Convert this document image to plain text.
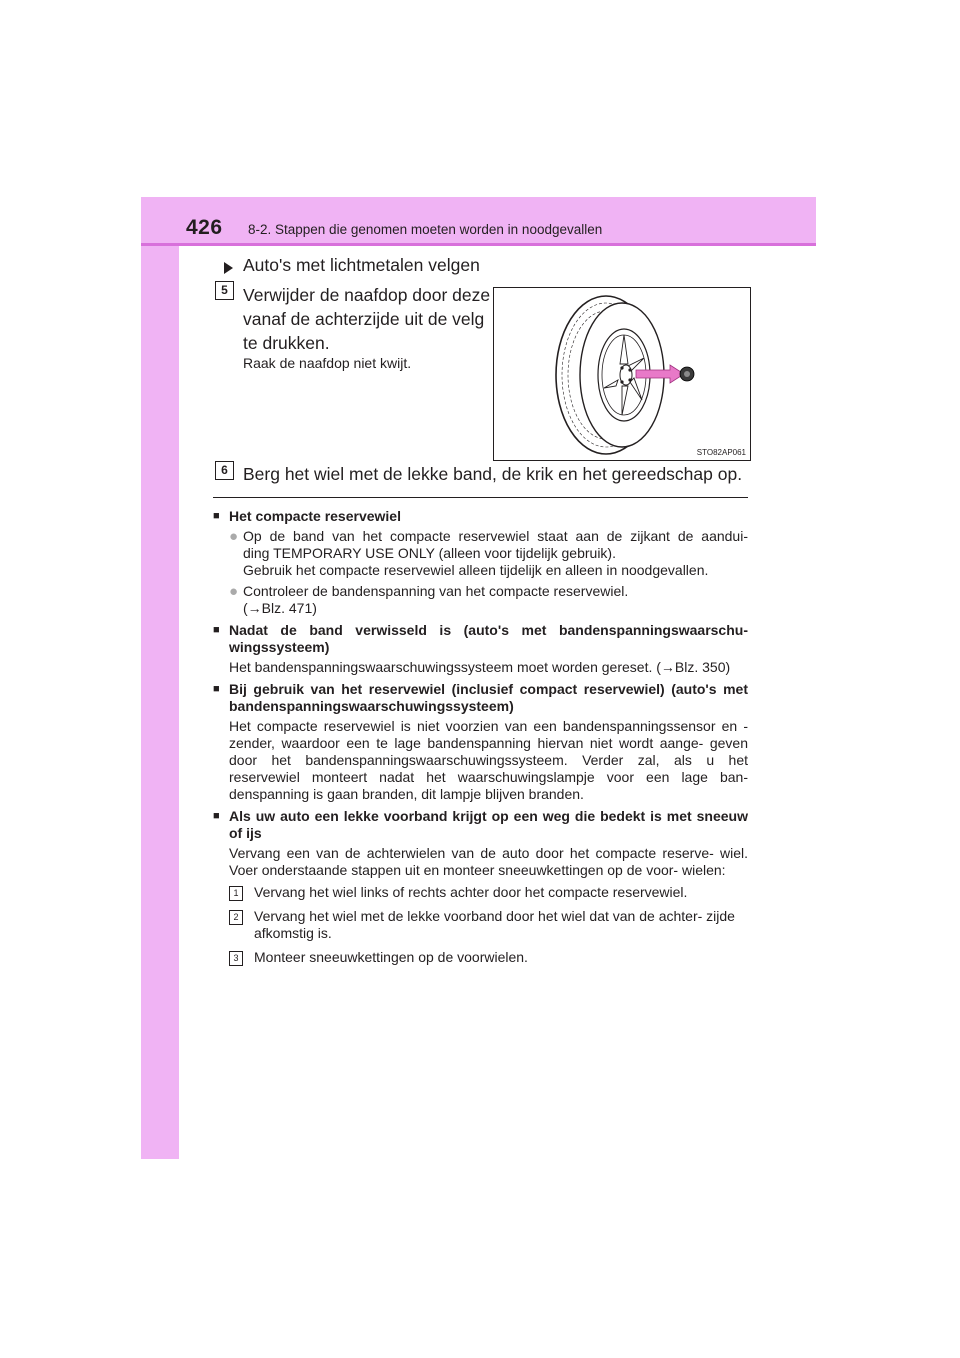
426 8-2. Stappen die genomen moeten worden in noodgevallen
Auto's met lichtmetalen velgen
5 Verwijder de naafdop door deze
vanaf de achterzijde uit de velg
te drukken.
Raak de naafdop niet kwijt.
STO82AP061
6 Berg het wiel met de lekke band, de krik en het gereedschap op.
■ Het compacte reservewiel
● Op de band van het compacte reservewiel staat aan de zijkant de aandui-
ding TEMPORARY USE ONLY (alleen voor tijdelijk gebruik).
Gebruik het compacte reservewiel alleen tijdelijk en alleen in noodgevallen.
● Controleer de bandenspanning van het compacte reservewiel.
(→Blz. 471)
■ Nadat de band verwisseld is (auto's met bandenspanningswaarschu- wingssysteem)
Het bandenspanningswaarschuwingssysteem moet worden gereset. (→Blz. 350)
■ Bij gebruik van het reservewiel (inclusief compact reservewiel) (auto's met bandenspanningswaarschuwingssysteem)
Het compacte reservewiel is niet voorzien van een bandenspanningssensor en -zender, waardoor een te lage bandenspanning hiervan niet wordt aange- geven door het bandenspanningswaarschuwingssysteem. Verder zal, als u het reservewiel monteert nadat het waarschuwingslampje voor een lage ban- denspanning is gaan branden, dit lampje blijven branden.
■ Als uw auto een lekke voorband krijgt op een weg die bedekt is met sneeuw of ijs
Vervang een van de achterwielen van de auto door het compacte reserve- wiel. Voer onderstaande stappen uit en monteer sneeuwkettingen op de voor- wielen:
1	Vervang het wiel links of rechts achter door het compacte reservewiel.
2	Vervang het wiel met de lekke voorband door het wiel dat van de achter- zijde afkomstig is.
3	Monteer sneeuwkettingen op de voorwielen.
